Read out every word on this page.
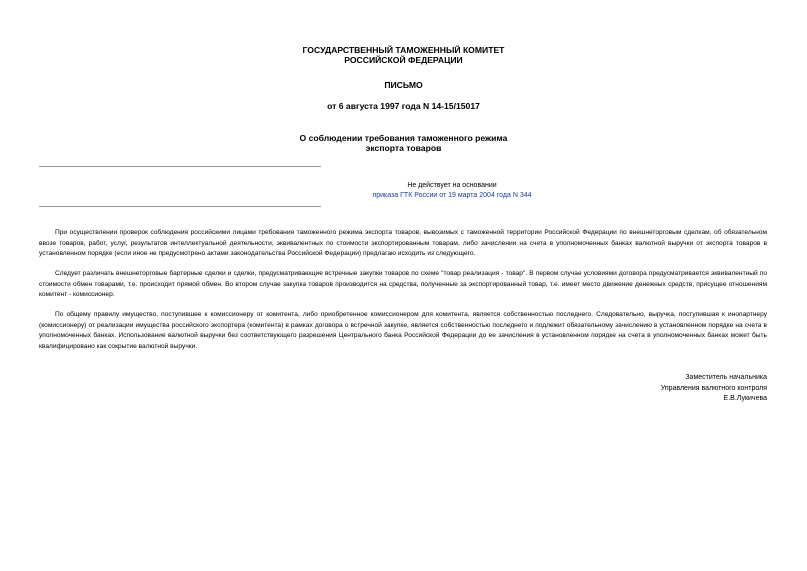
ГОСУДАРСТВЕННЫЙ ТАМОЖЕННЫЙ КОМИТЕТ
РОССИЙСКОЙ ФЕДЕРАЦИИ
ПИСЬМО
от 6 августа 1997 года N 14-15/15017
О соблюдении требования таможенного режима
экспорта товаров
Не действует на основании
приказа ГТК России от 19 марта 2004 года N 344

При осуществлении проверок соблюдения российскими лицами требования таможенного режима экспорта товаров, вывозимых с таможенной территории Российской Федерации по внешнеторговым сделкам, об обязательном ввозе товаров, работ, услуг, результатов интеллектуальной деятельности, эквивалентных по стоимости экспортированным товарам, либо зачислении на счета в уполномоченных банках валютной выручки от экспорта товаров в установленном порядке (если иное не предусмотрено актами законодательства Российской Федерации) предлагаю исходить из следующего.

Следует различать внешнеторговые бартерные сделки и сделки, предусматривающие встречные закупки товаров по схеме "товар реализация - товар". В первом случае условиями договора предусматривается эквивалентный по стоимости обмен товарами, т.е. происходит прямой обмен. Во втором случае закупка товаров производится на средства, полученные за экспортированный товар, т.е. имеет место движение денежных средств, присущее отношениям комитент - комиссионер.

По общему правилу имущество, поступившее к комиссионеру от комитента, либо приобретенное комиссионером для комитента, является собственностью последнего. Следовательно, выручка, поступившая к инопартнеру (комиссионеру) от реализации имущества российского экспортера (комитента) в рамках договора о встречной закупке, является собственностью последнего и подлежит обязательному зачислению в установленном порядке на счета в уполномоченных банках. Использование валютной выручки без соответствующего разрешения Центрального банка Российской Федерации до ее зачисления в установленном порядке на счета в уполномоченных банках может быть квалифицировано как сокрытие валютной выручки.

Заместитель начальника
Управления валютного контроля
Е.В.Лукичева
